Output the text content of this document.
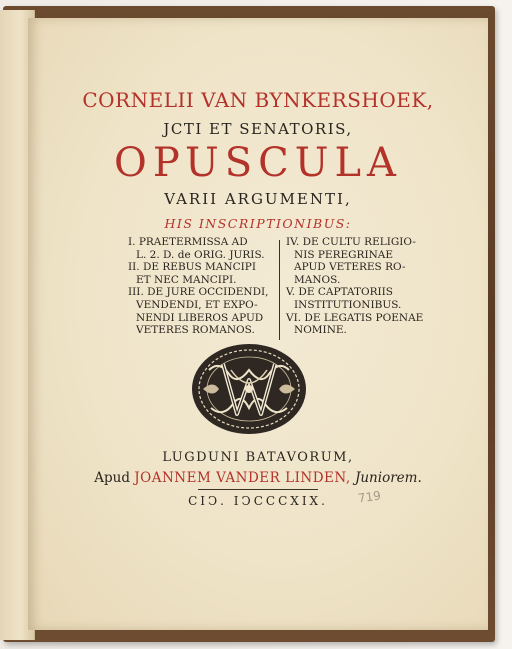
CORNELII VAN BYNKERSHOEK,
JCTI ET SENATORIS,
OPUSCULA
VARII ARGUMENTI,
HIS INSCRIPTIONIBUS:
I. PRAETERMISSA AD
L. 2. D. de ORIG. JURIS.
II. DE REBUS MANCIPI
ET NEC MANCIPI.
III. DE JURE OCCIDENDI,
VENDENDI, ET EXPO-
NENDI LIBEROS APUD
VETERES ROMANOS.
IV. DE CULTU RELIGIO-
NIS PEREGRINAE
APUD VETERES RO-
MANOS.
V. DE CAPTATORIIS
INSTITUTIONIBUS.
VI. DE LEGATIS POENAE
NOMINE.
LUGDUNI BATAVORUM,
Apud JOANNEM VANDER LINDEN, Juniorem.
CIↃ. IↃCCCXIX.	719
